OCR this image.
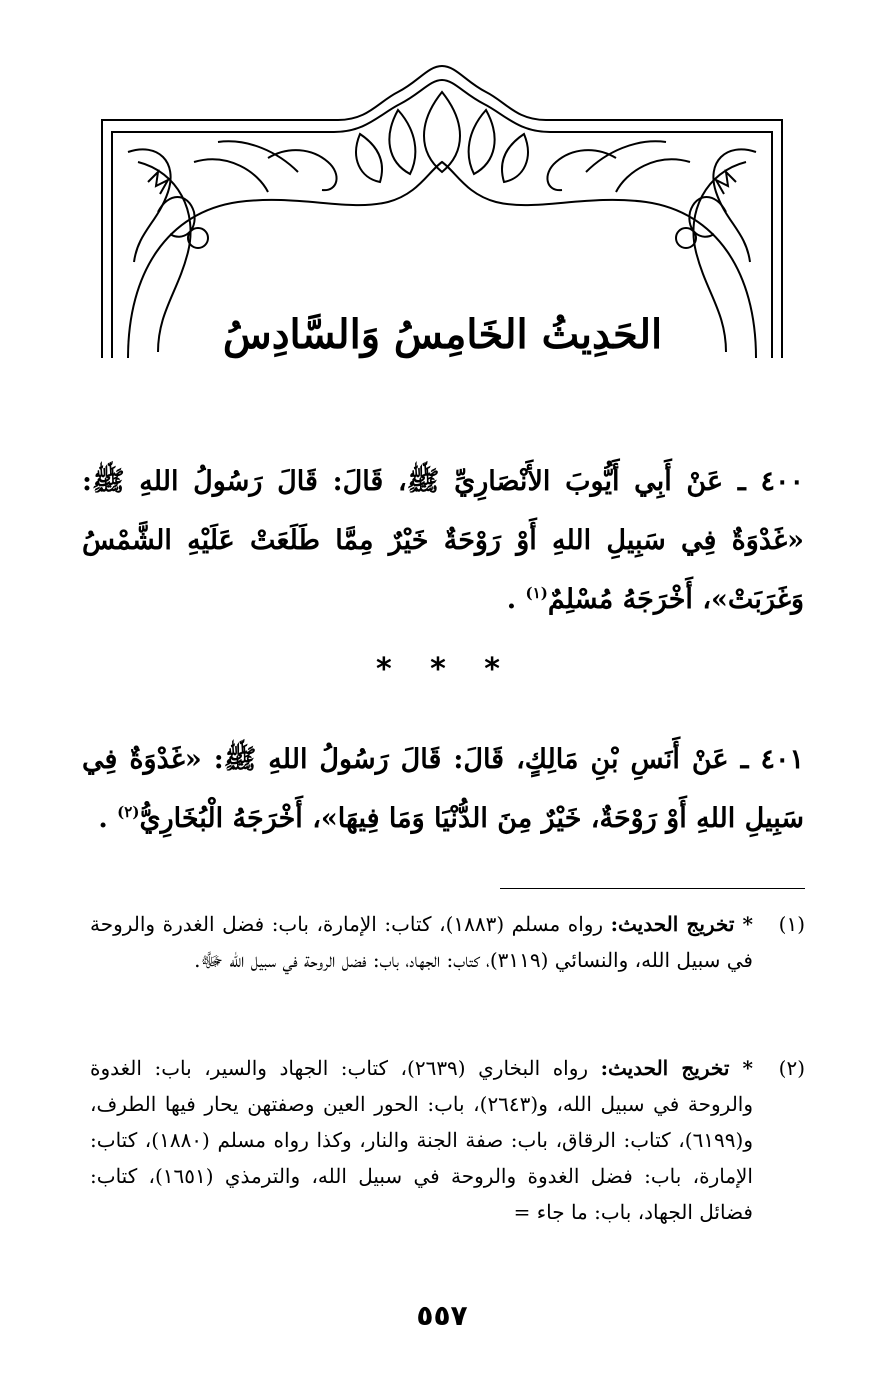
الحَدِيثُ الخَامِسُ وَالسَّادِسُ
٤٠٠ ـ عَنْ أَبِي أَيُّوبَ الأَنْصَارِيِّ ﷺ، قَالَ: قَالَ رَسُولُ اللهِ ﷺ: «غَدْوَةٌ فِي سَبِيلِ اللهِ أَوْ رَوْحَةٌ خَيْرٌ مِمَّا طَلَعَتْ عَلَيْهِ الشَّمْسُ وَغَرَبَتْ»، أَخْرَجَهُ مُسْلِمٌ$^{(١)}$ .
* * *
٤٠١ ـ عَنْ أَنَسِ بْنِ مَالِكٍ، قَالَ: قَالَ رَسُولُ اللهِ ﷺ: «غَدْوَةٌ فِي سَبِيلِ اللهِ أَوْ رَوْحَةٌ، خَيْرٌ مِنَ الدُّنْيَا وَمَا فِيهَا»، أَخْرَجَهُ الْبُخَارِيُّ$^{(٢)}$ .
(١)
* تخريج الحديث: رواه مسلم (١٨٨٣)، كتاب: الإمارة، باب: فضل الغدرة والروحة في سبيل الله، والنسائي (٣١١٩)، كتاب: الجهاد، باب: فضل الروحة في سبيل الله ﷻ.
(٢)
* تخريج الحديث: رواه البخاري (٢٦٣٩)، كتاب: الجهاد والسير، باب: الغدوة والروحة في سبيل الله، و(٢٦٤٣)، باب: الحور العين وصفتهن يحار فيها الطرف، و(٦١٩٩)، كتاب: الرقاق، باب: صفة الجنة والنار، وكذا رواه مسلم (١٨٨٠)، كتاب: الإمارة، باب: فضل الغدوة والروحة في سبيل الله، والترمذي (١٦٥١)، كتاب: فضائل الجهاد، باب: ما جاء =
٥٥٧
